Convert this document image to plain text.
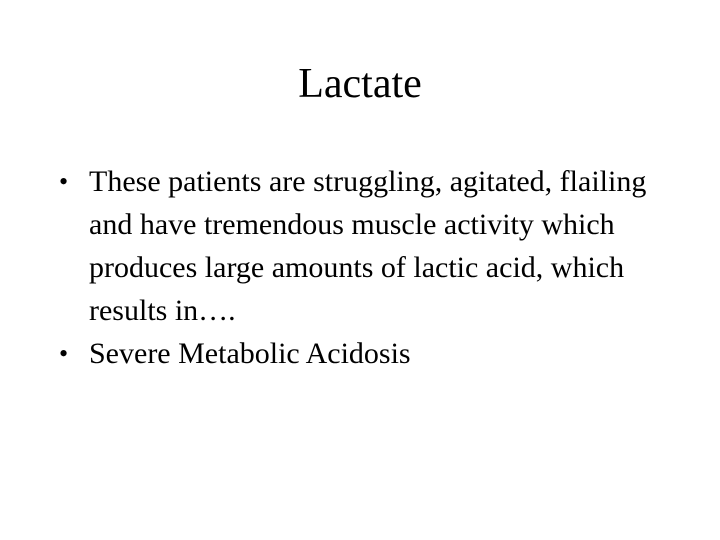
Lactate
• These patients are struggling, agitated, flailing and have tremendous muscle activity which produces large amounts of lactic acid, which results in….
• Severe Metabolic Acidosis
